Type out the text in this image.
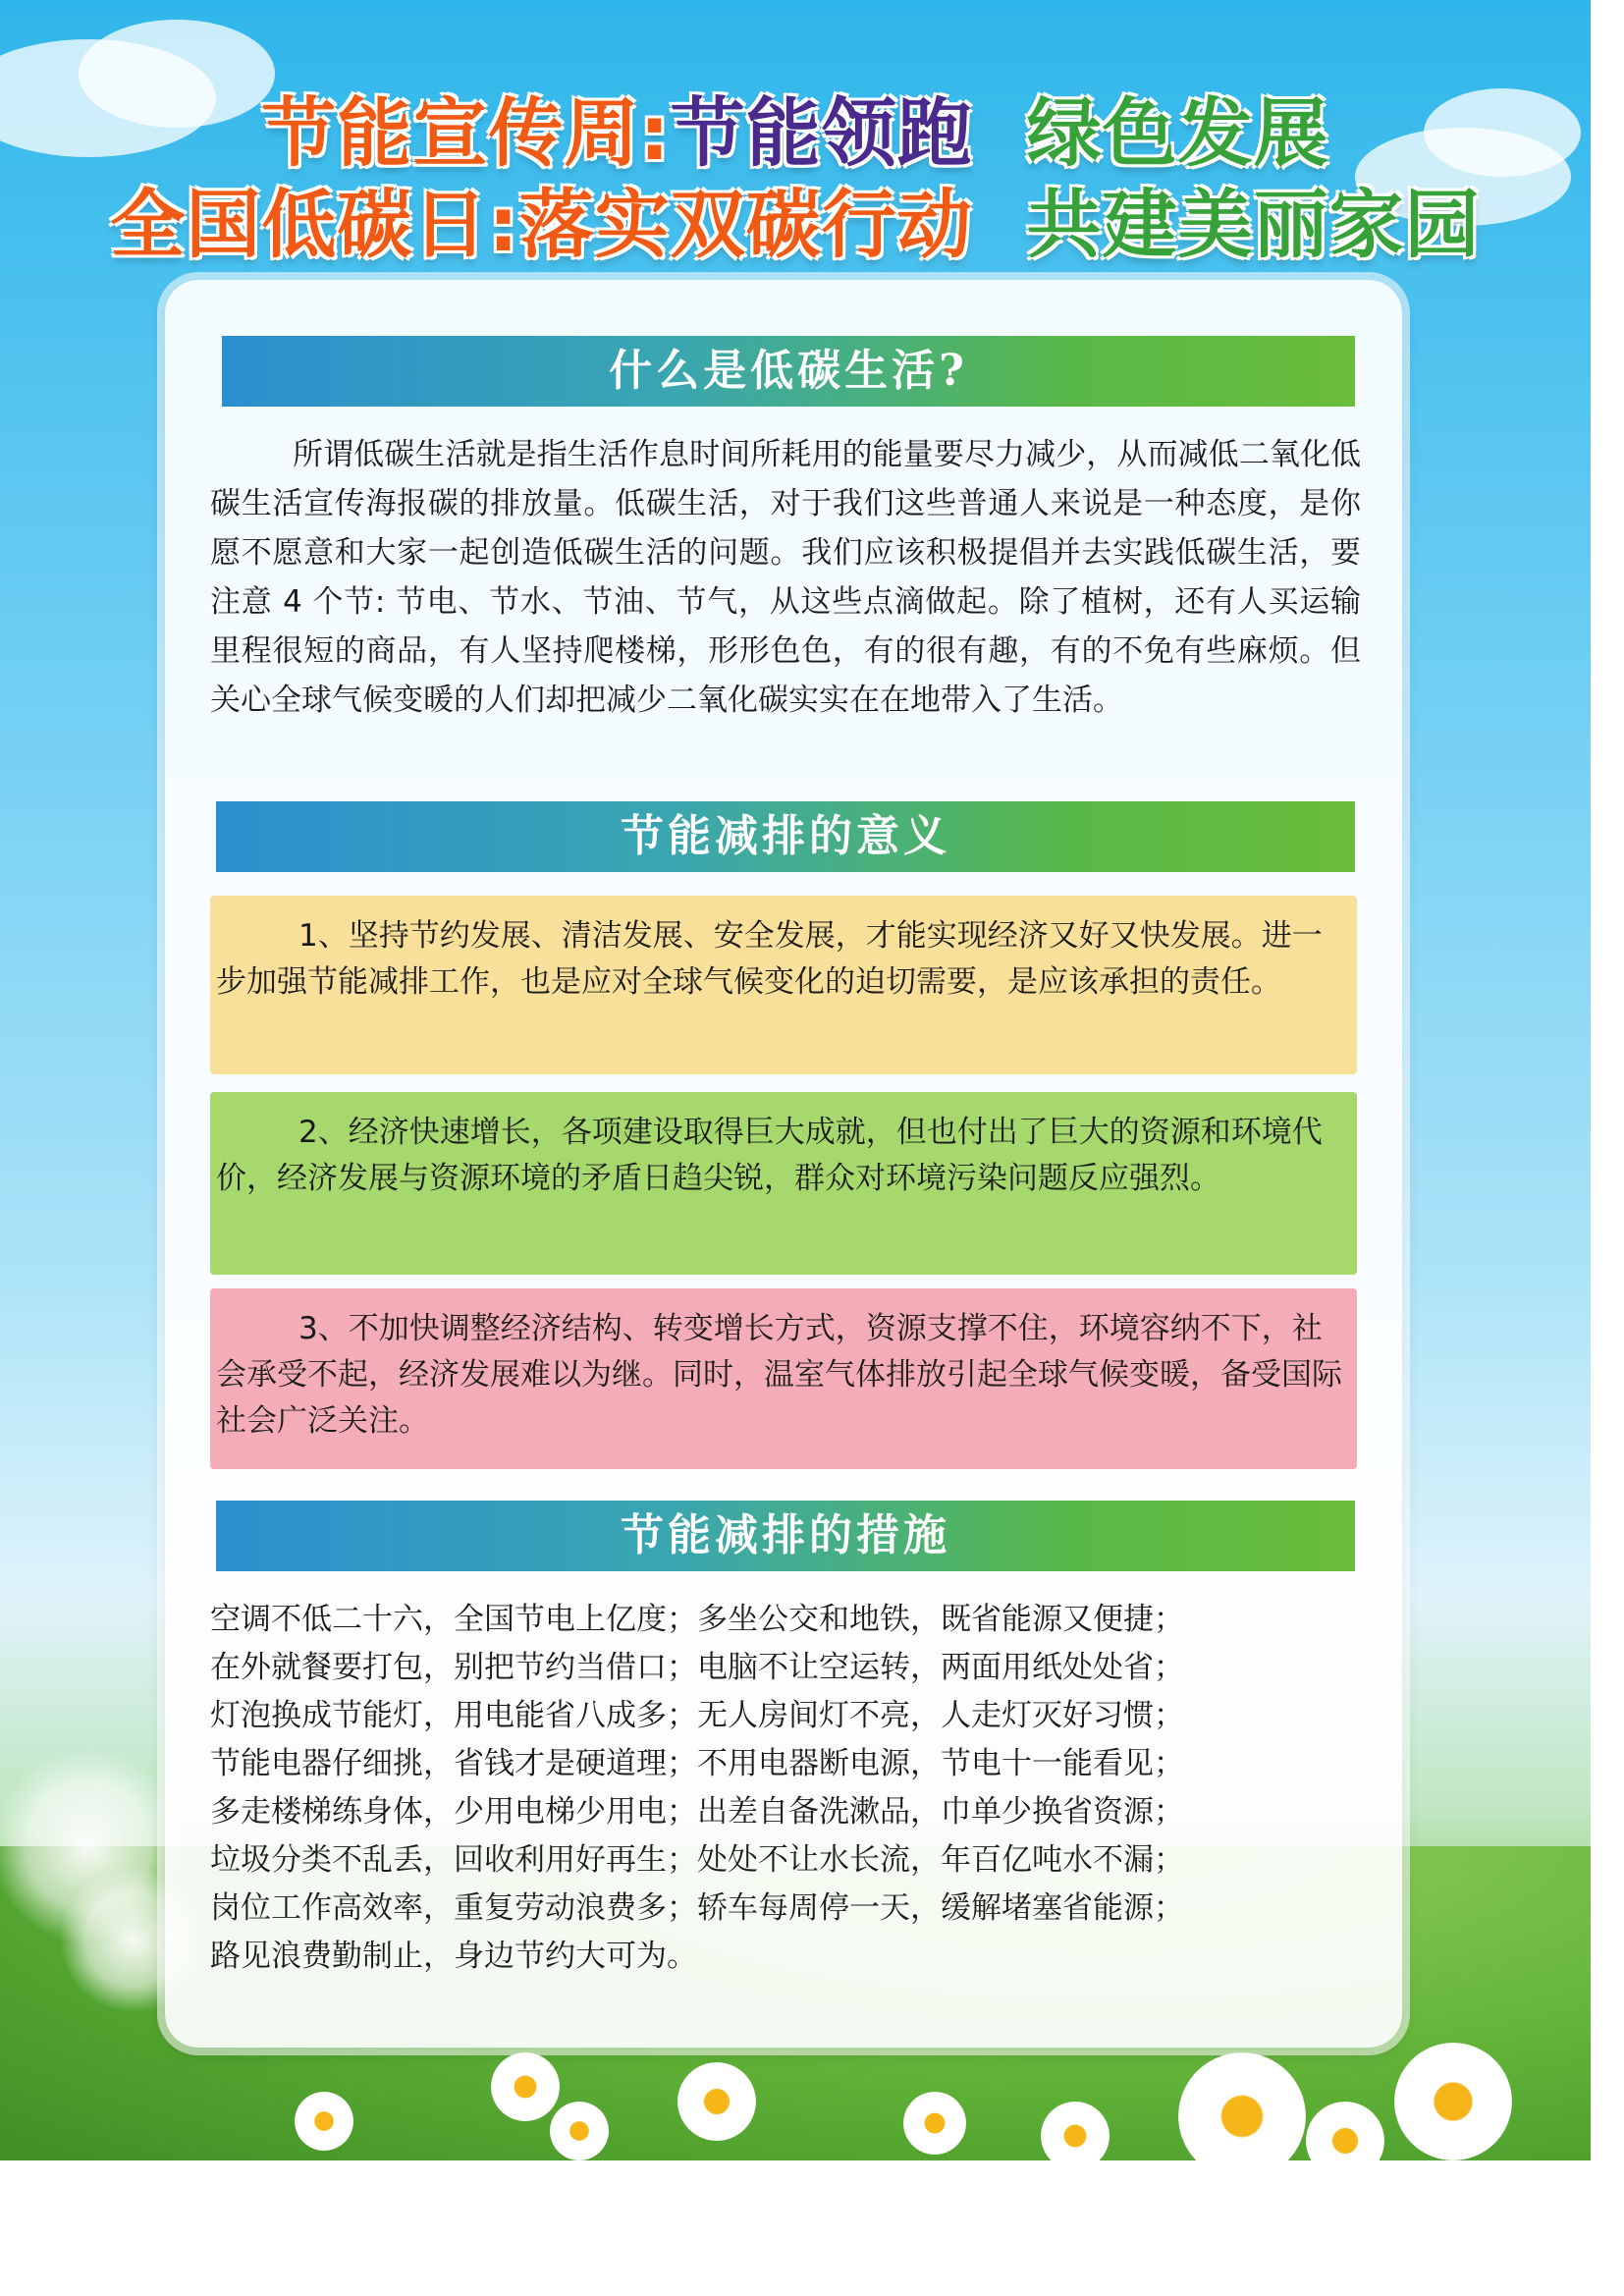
节能宣传周:节能领跑 绿色发展
全国低碳日:落实双碳行动 共建美丽家园
什么是低碳生活?
所谓低碳生活就是指生活作息时间所耗用的能量要尽力减少，从而减低二氧化低碳生活宣传海报碳的排放量。低碳生活，对于我们这些普通人来说是一种态度，是你愿不愿意和大家一起创造低碳生活的问题。我们应该积极提倡并去实践低碳生活，要注意 4 个节: 节电、节水、节油、节气，从这些点滴做起。除了植树，还有人买运输里程很短的商品，有人坚持爬楼梯，形形色色，有的很有趣，有的不免有些麻烦。但关心全球气候变暖的人们却把减少二氧化碳实实在在地带入了生活。
节能减排的意义

1、坚持节约发展、清洁发展、安全发展，才能实现经济又好又快发展。进一步加强节能减排工作，也是应对全球气候变化的迫切需要，是应该承担的责任。

2、经济快速增长，各项建设取得巨大成就，但也付出了巨大的资源和环境代价，经济发展与资源环境的矛盾日趋尖锐，群众对环境污染问题反应强烈。

3、不加快调整经济结构、转变增长方式，资源支撑不住，环境容纳不下，社会承受不起，经济发展难以为继。同时，温室气体排放引起全球气候变暖，备受国际社会广泛关注。

节能减排的措施
空调不低二十六，全国节电上亿度；多坐公交和地铁，既省能源又便捷；
在外就餐要打包，别把节约当借口；电脑不让空运转，两面用纸处处省；
灯泡换成节能灯，用电能省八成多；无人房间灯不亮，人走灯灭好习惯；
节能电器仔细挑，省钱才是硬道理；不用电器断电源，节电十一能看见；
多走楼梯练身体，少用电梯少用电；出差自备洗漱品，巾单少换省资源；
垃圾分类不乱丢，回收利用好再生；处处不让水长流，年百亿吨水不漏；
岗位工作高效率，重复劳动浪费多；轿车每周停一天，缓解堵塞省能源；
路见浪费勤制止，身边节约大可为。
